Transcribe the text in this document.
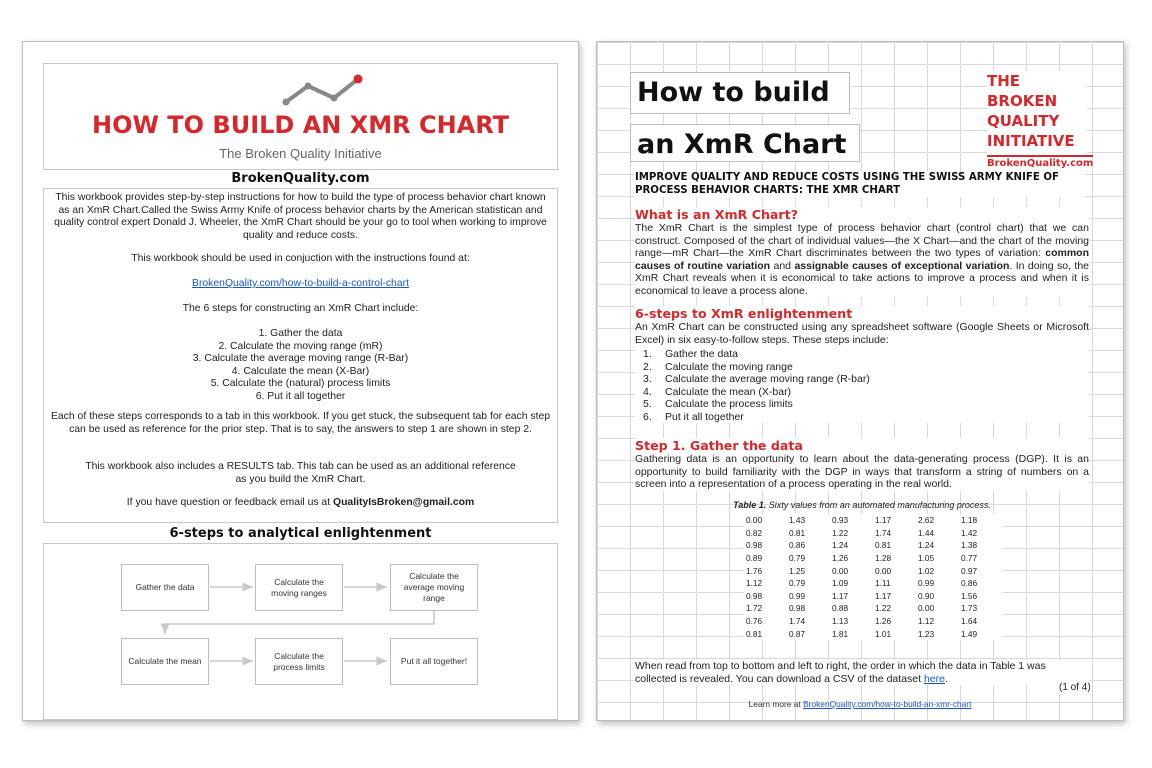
HOW TO BUILD AN XMR CHART
The Broken Quality Initiative
BrokenQuality.com
This workbook provides step-by-step instructions for how to build the type of process behavior chart known as an XmR Chart.Called the Swiss Army Knife of process behavior charts by the American statistican and quality control expert Donald J. Wheeler, the XmR Chart should be your go to tool when working to improve quality and reduce costs.
This workbook should be used in conjuction with the instructions found at:
BrokenQuality.com/how-to-build-a-control-chart
The 6 steps for constructing an XmR Chart include:
1. Gather the data
2. Calculate the moving range (mR)
3. Calculate the average moving range (R-Bar)
4. Calculate the mean (X-Bar)
5. Calculate the (natural) process limits
6. Put it all together
Each of these steps corresponds to a tab in this workbook. If you get stuck, the subsequent tab for each step can be used as reference for the prior step. That is to say, the answers to step 1 are shown in step 2.
This workbook also includes a RESULTS tab. This tab can be used as an additional reference as you build the XmR Chart.
If you have question or feedback email us at QualityIsBroken@gmail.com
6-steps to analytical enlightenment
Gather the data
Calculate the moving ranges
Calculate the average moving range
Calculate the mean
Calculate the process limits
Put it all together!
How to build
an XmR Chart
THE
BROKEN
QUALITY
INITIATIVE
BrokenQuality.com
IMPROVE QUALITY AND REDUCE COSTS USING THE SWISS ARMY KNIFE OF PROCESS BEHAVIOR CHARTS: THE XMR CHART
What is an XmR Chart?
The XmR Chart is the simplest type of process behavior chart (control chart) that we can construct. Composed of the chart of individual values—the X Chart—and the chart of the moving range—mR Chart—the XmR Chart discriminates between the two types of variation: common causes of routine variation and assignable causes of exceptional variation. In doing so, the XmR Chart reveals when it is economical to take actions to improve a process and when it is economical to leave a process alone.
6-steps to XmR enlightenment
An XmR Chart can be constructed using any spreadsheet software (Google Sheets or Microsoft Excel) in six easy-to-follow steps. These steps include:
1.	Gather the data
2.	Calculate the moving range
3.	Calculate the average moving range (R-bar)
4.	Calculate the mean (X-bar)
5.	Calculate the process limits
6.	Put it all together
Step 1. Gather the data
Gathering data is an opportunity to learn about the data-generating process (DGP). It is an opportunity to build familiarity with the DGP in ways that transform a string of numbers on a screen into a representation of a process operating in the real world.
Table 1. Sixty values from an automated manufacturing process.
0.00	1.43	0.93	1.17	2.62	1.18
0.82	0.81	1.22	1.74	1.44	1.42
0.98	0.86	1.24	0.81	1.24	1.38
0.89	0.79	1.26	1.28	1.05	0.77
1.76	1.25	0.00	0.00	1.02	0.97
1.12	0.79	1.09	1.11	0.99	0.86
0.98	0.99	1.17	1.17	0.90	1.56
1.72	0.98	0.88	1.22	0.00	1.73
0.76	1.74	1.13	1.26	1.12	1.64
0.81	0.87	1.81	1.01	1.23	1.49
When read from top to bottom and left to right, the order in which the data in Table 1 was collected is revealed. You can download a CSV of the dataset here.
(1 of 4)
Learn more at BrokenQuality.com/how-to-build-an-xmr-chart
